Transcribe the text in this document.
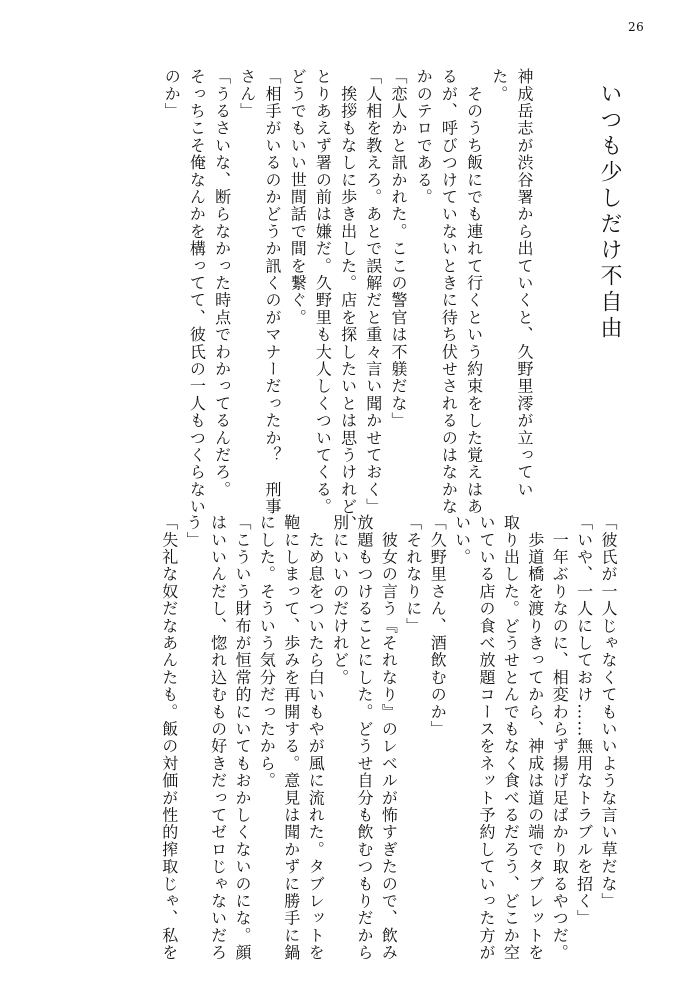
26
いつも少しだけ不自由
神成岳志が渋谷署から出ていくと、久野里澪が立ってい
た。
　そのうち飯にでも連れて行くという約束をした覚えはあ
るが、呼びつけていないときに待ち伏せされるのはなかな
かのテロである。
「恋人かと訊かれた。ここの警官は不躾だな」
「人相を教えろ。あとで誤解だと重々言い聞かせておく」
　挨拶もなしに歩き出した。店を探したいとは思うけれど、
とりあえず署の前は嫌だ。久野里も大人しくついてくる。
どうでもいい世間話で間を繋ぐ。
「相手がいるのかどうか訊くのがマナーだったか？　刑事
さん」
「うるさいな、断らなかった時点でわかってるんだろ。
そっちこそ俺なんかを構ってて、彼氏の一人もつくらない
のか」
「彼氏が一人じゃなくてもいいような言い草だな」
「いや、一人にしておけ……無用なトラブルを招く」
　一年ぶりなのに、相変わらず揚げ足ばかり取るやつだ。
　歩道橋を渡りきってから、神成は道の端でタブレットを
取り出した。どうせとんでもなく食べるだろう、どこか空
いている店の食べ放題コースをネット予約していった方が
いい。
「久野里さん、酒飲むのか」
「それなりに」
　彼女の言う『それなり』のレベルが怖すぎたので、飲み
放題もつけることにした。どうせ自分も飲むつもりだから
別にいいのだけれど。
　ため息をついたら白いもやが風に流れた。タブレットを
鞄にしまって、歩みを再開する。意見は聞かずに勝手に鍋
にした。そういう気分だったから。
「こういう財布が恒常的にいてもおかしくないのにな。顔
はいいんだし、惚れ込むもの好きだってゼロじゃないだろ
う」
「失礼な奴だなあんたも。飯の対価が性的搾取じゃ、私を
